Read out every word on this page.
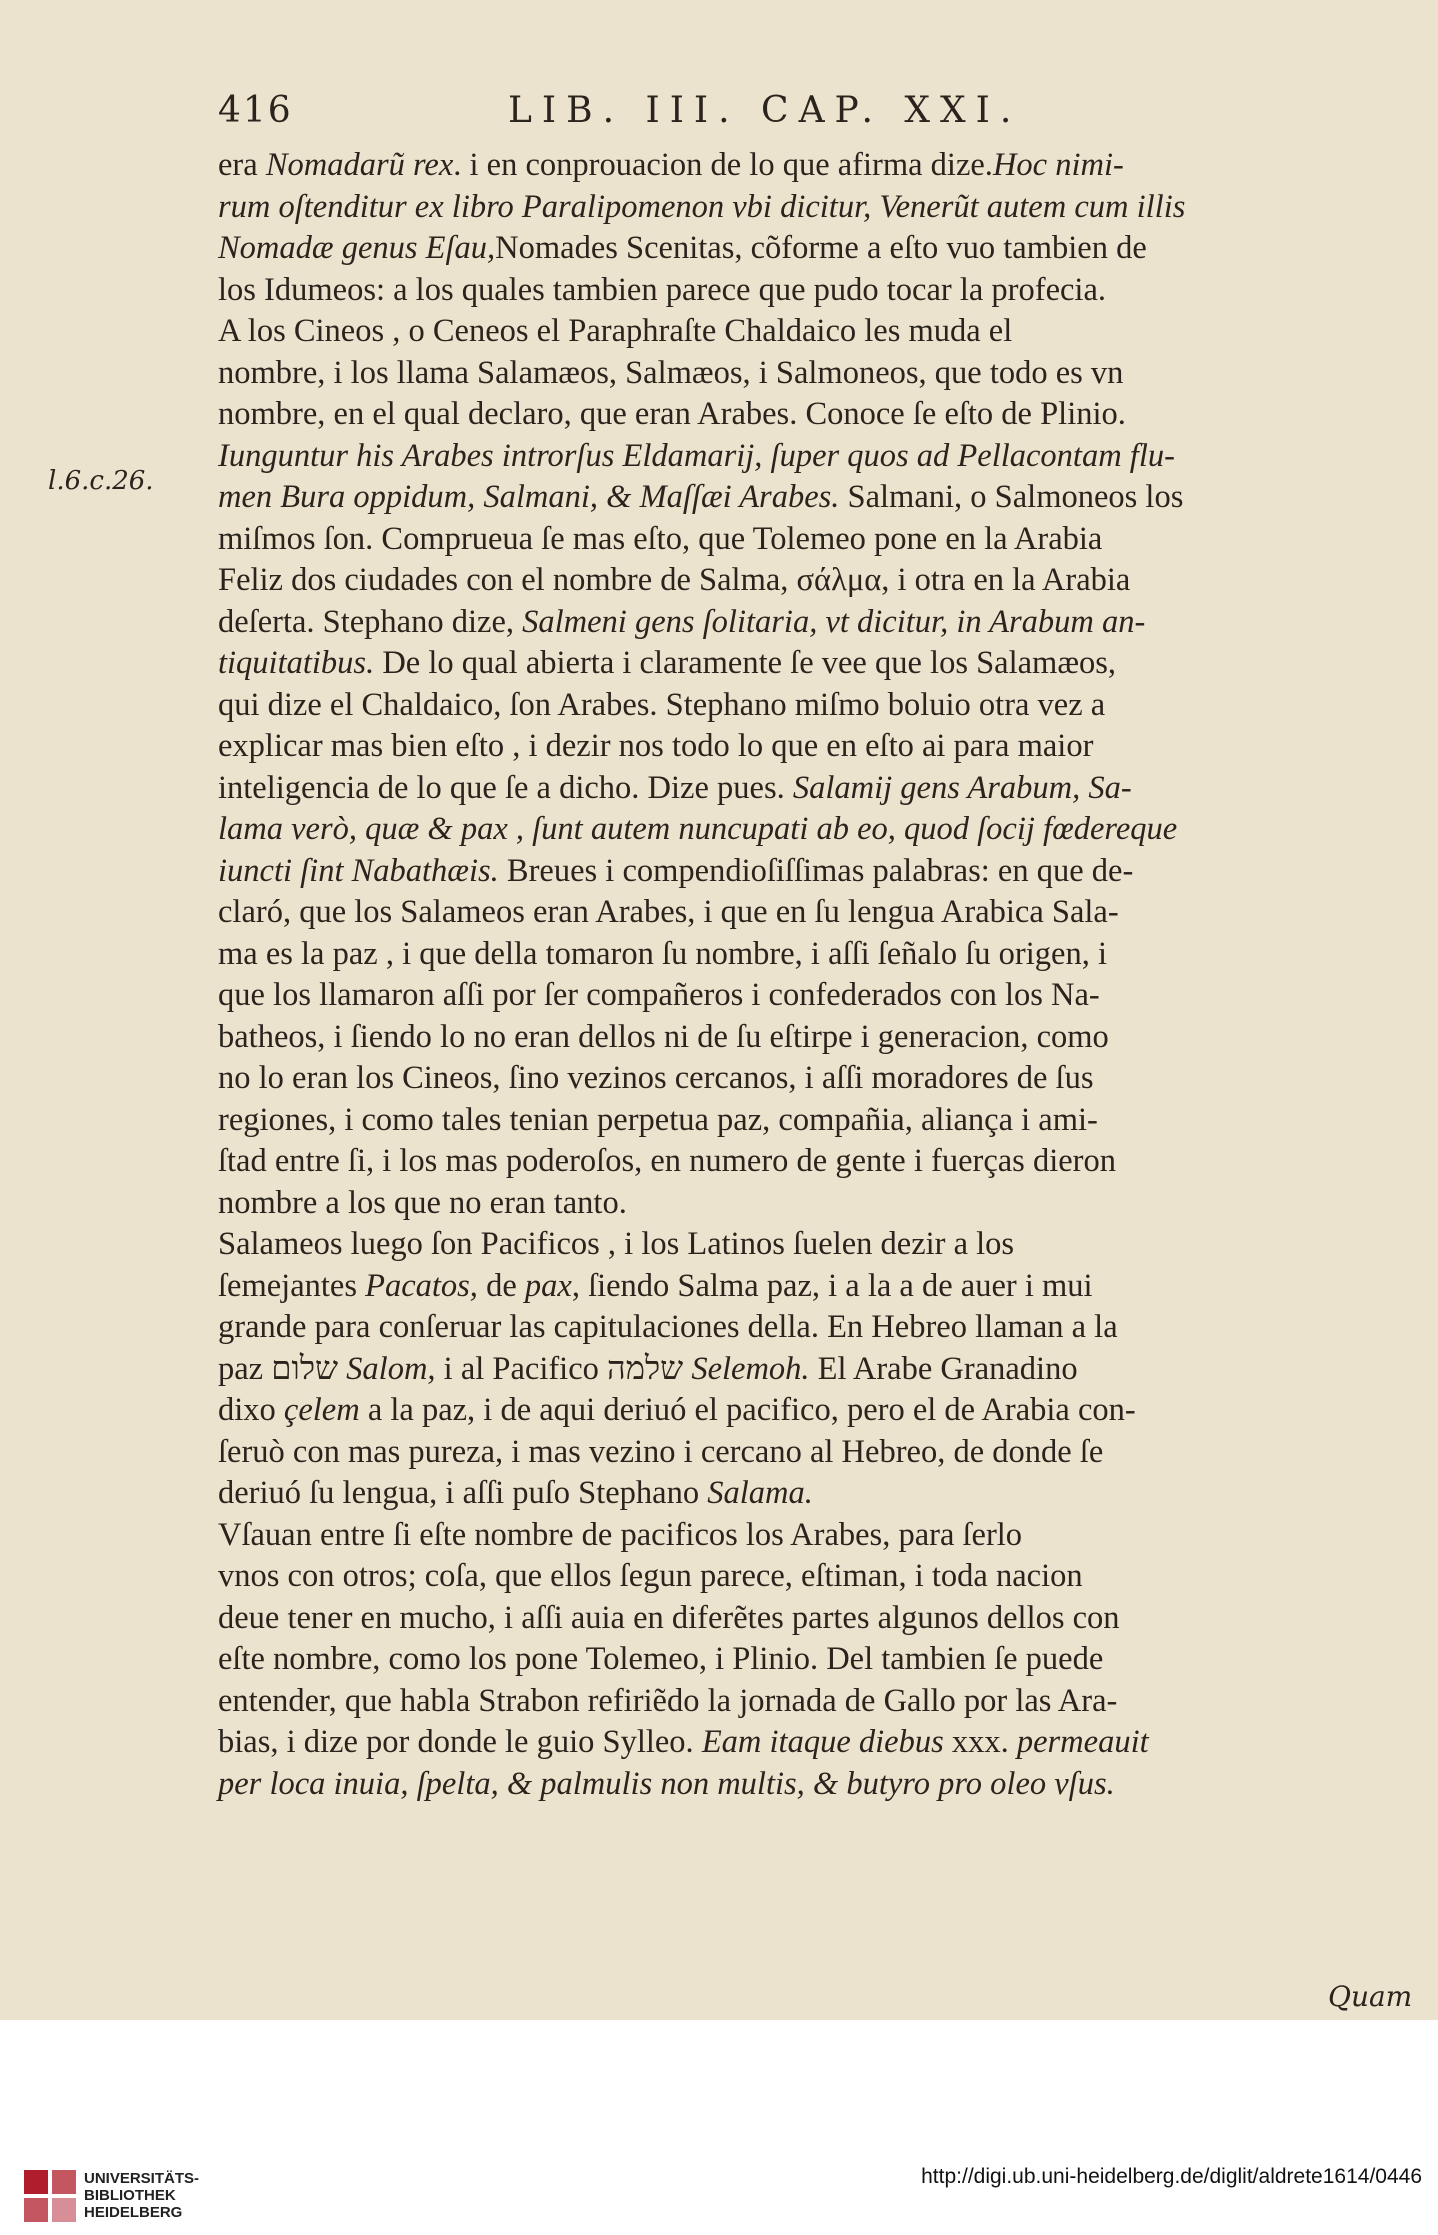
416	LIB. III. CAP. XXI.
l.6.c.26.
era Nomadarũ rex. i en conprouacion de lo que afirma dize.Hoc nimi-
rum oſtenditur ex libro Paralipomenon vbi dicitur, Venerũt autem cum illis
Nomadæ genus Eſau,Nomades Scenitas, cõforme a eſto vuo tambien de
los Idumeos: a los quales tambien parece que pudo tocar la profecia.
A los Cineos , o Ceneos el Paraphraſte Chaldaico les muda el
nombre, i los llama Salamæos, Salmæos, i Salmoneos, que todo es vn
nombre, en el qual declaro, que eran Arabes. Conoce ſe eſto de Plinio.
Iunguntur his Arabes introrſus Eldamarij, ſuper quos ad Pellacontam flu-
men Bura oppidum, Salmani, & Maſſæi Arabes. Salmani, o Salmoneos los
miſmos ſon. Comprueua ſe mas eſto, que Tolemeo pone en la Arabia
Feliz dos ciudades con el nombre de Salma, σάλμα, i otra en la Arabia
deſerta. Stephano dize, Salmeni gens ſolitaria, vt dicitur, in Arabum an-
tiquitatibus. De lo qual abierta i claramente ſe vee que los Salamæos,
qui dize el Chaldaico, ſon Arabes. Stephano miſmo boluio otra vez a
explicar mas bien eſto , i dezir nos todo lo que en eſto ai para maior
inteligencia de lo que ſe a dicho. Dize pues. Salamij gens Arabum, Sa-
lama verò, quæ & pax , ſunt autem nuncupati ab eo, quod ſocij fœdereque
iuncti ſint Nabathæis. Breues i compendioſiſſimas palabras: en que de-
claró, que los Salameos eran Arabes, i que en ſu lengua Arabica Sala-
ma es la paz , i que della tomaron ſu nombre, i aſſi ſeñalo ſu origen, i
que los llamaron aſſi por ſer compañeros i confederados con los Na-
batheos, i ſiendo lo no eran dellos ni de ſu eſtirpe i generacion, como
no lo eran los Cineos, ſino vezinos cercanos, i aſſi moradores de ſus
regiones, i como tales tenian perpetua paz, compañia, aliança i ami-
ſtad entre ſi, i los mas poderoſos, en numero de gente i fuerças dieron
nombre a los que no eran tanto.
Salameos luego ſon Pacificos , i los Latinos ſuelen dezir a los
ſemejantes Pacatos, de pax, ſiendo Salma paz, i a la a de auer i mui
grande para conſeruar las capitulaciones della. En Hebreo llaman a la
paz שלום Salom, i al Pacifico שלמה Selemoh. El Arabe Granadino
dixo çelem a la paz, i de aqui deriuó el pacifico, pero el de Arabia con-
ſeruò con mas pureza, i mas vezino i cercano al Hebreo, de donde ſe
deriuó ſu lengua, i aſſi puſo Stephano Salama.
Vſauan entre ſi eſte nombre de pacificos los Arabes, para ſerlo
vnos con otros; coſa, que ellos ſegun parece, eſtiman, i toda nacion
deue tener en mucho, i aſſi auia en diferẽtes partes algunos dellos con
eſte nombre, como los pone Tolemeo, i Plinio. Del tambien ſe puede
entender, que habla Strabon refiriẽdo la jornada de Gallo por las Ara-
bias, i dize por donde le guio Sylleo. Eam itaque diebus xxx. permeauit
per loca inuia, ſpelta, & palmulis non multis, & butyro pro oleo vſus.
Quam
UNIVERSITÄTS-
BIBLIOTHEK
HEIDELBERG
http://digi.ub.uni-heidelberg.de/diglit/aldrete1614/0446
